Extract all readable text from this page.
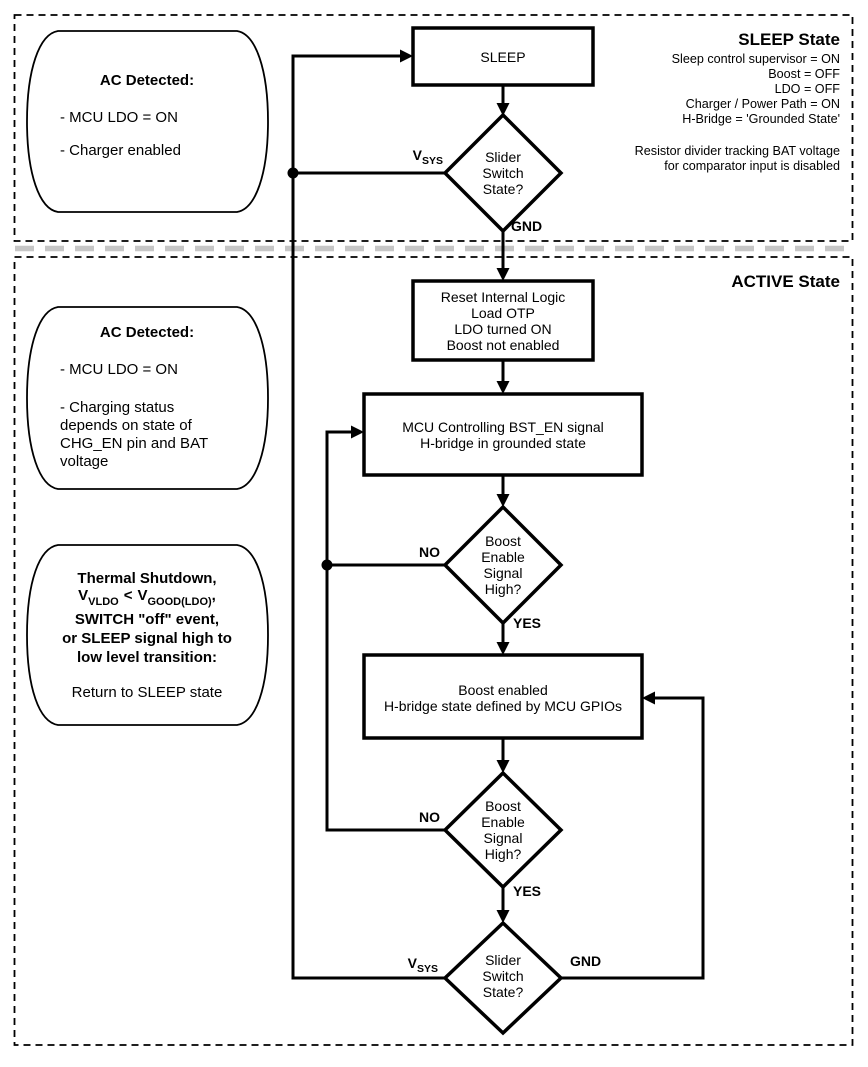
SLEEP State
Sleep control supervisor = ON
Boost = OFF
LDO = OFF
Charger / Power Path = ON
H-Bridge = 'Grounded State'
Resistor divider tracking BAT voltage
for comparator input is disabled
ACTIVE State
AC Detected:
- MCU LDO = ON
- Charger enabled
AC Detected:
- MCU LDO = ON
- Charging status
depends on state of
CHG_EN pin and BAT
voltage
Thermal Shutdown,
$V_{VLDO} < V_{GOOD(LDO)}$,
SWITCH "off" event,
or SLEEP signal high to
low level transition:
Return to SLEEP state
SLEEP
Slider
Switch
State?
Reset Internal Logic
Load OTP
LDO turned ON
Boost not enabled
MCU Controlling BST_EN signal
H-bridge in grounded state
Boost
Enable
Signal
High?
Boost enabled
H-bridge state defined by MCU GPIOs
Boost
Enable
Signal
High?
Slider
Switch
State?
$V_{SYS}$
GND
NO
YES
NO
YES
$V_{SYS}$	GND
